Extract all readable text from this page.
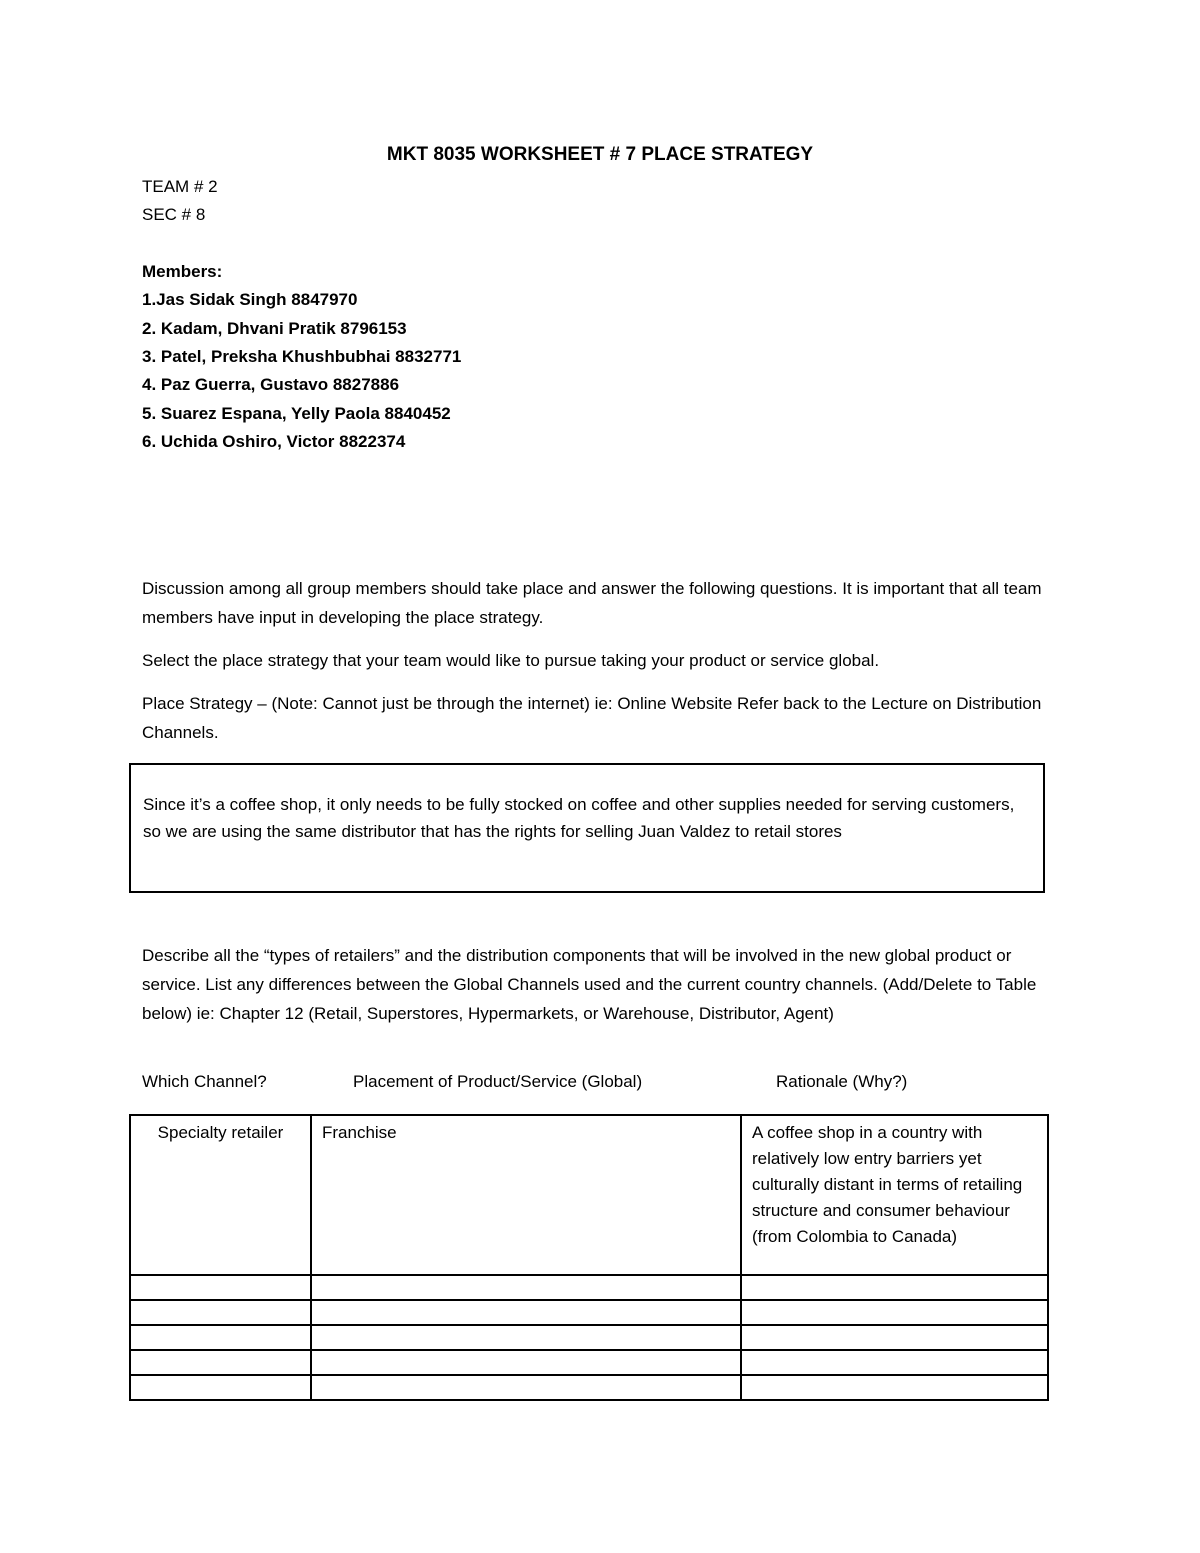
MKT 8035 WORKSHEET # 7 PLACE STRATEGY
TEAM # 2
SEC # 8
Members:
1.Jas Sidak Singh 8847970
2. Kadam, Dhvani Pratik 8796153
3. Patel, Preksha Khushbubhai 8832771
4. Paz Guerra, Gustavo 8827886
5. Suarez Espana, Yelly Paola 8840452
6. Uchida Oshiro, Victor 8822374
Discussion among all group members should take place and answer the following questions. It is important that all team members have input in developing the place strategy.
Select the place strategy that your team would like to pursue taking your product or service global.
Place Strategy – (Note: Cannot just be through the internet) ie: Online Website Refer back to the Lecture on Distribution Channels.
Since it’s a coffee shop, it only needs to be fully stocked on coffee and other supplies needed for serving customers, so we are using the same distributor that has the rights for selling Juan Valdez to retail stores
Describe all the “types of retailers” and the distribution components that will be involved in the new global product or service. List any differences between the Global Channels used and the current country channels. (Add/Delete to Table below) ie: Chapter 12 (Retail, Superstores, Hypermarkets, or Warehouse, Distributor, Agent)
Which Channel?	Placement of Product/Service (Global)	Rationale (Why?)
Specialty retailer	Franchise	A coffee shop in a country with relatively low entry barriers yet culturally distant in terms of retailing structure and consumer behaviour (from Colombia to Canada)
